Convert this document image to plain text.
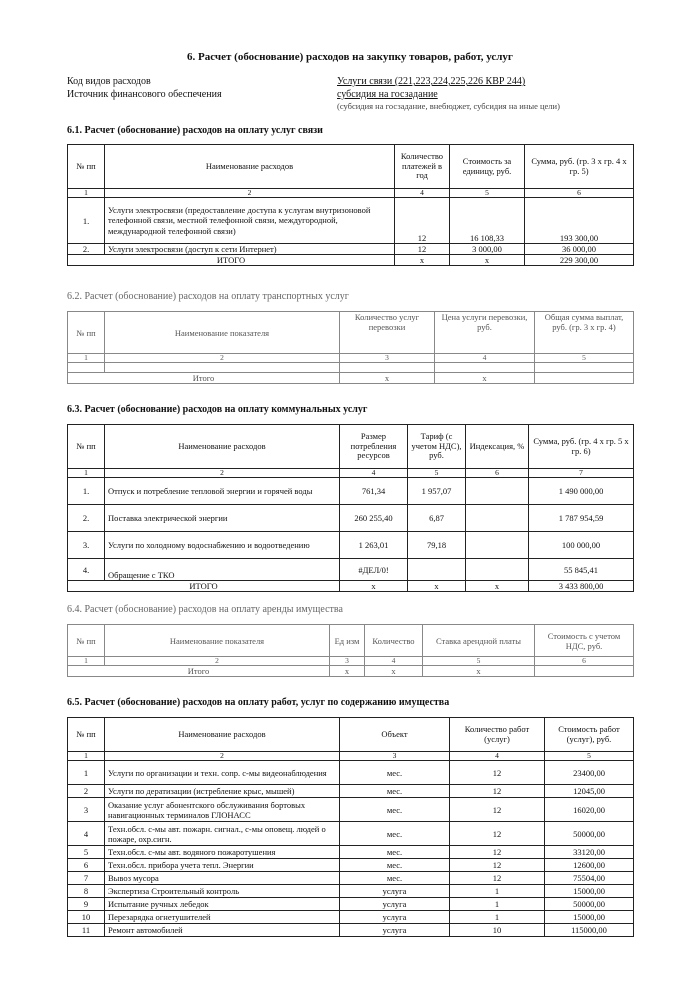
6. Расчет (обоснование) расходов на закупку товаров, работ, услуг
Код видов расходов	Услуги связи (221,223,224,225,226 КВР 244)
Источник финансового обеспечения	субсидия на госзадание
(субсидия на госзадание, внебюджет, субсидия на иные цели)
6.1. Расчет (обоснование) расходов на оплату услуг связи
№ пп	Наименование расходов	Количество платежей в год	Стоимость за единицу, руб.	Сумма, руб. (гр. 3 х гр. 4 х гр. 5)
1	2	4	5	6
1.	Услуги электросвязи (предоставление доступа к услугам внутризоновой телефонной связи, местной телефонной связи, междугородной, международной телефонной связи)	12	16 108,33	193 300,00
2.	Услуги электросвязи (доступ к сети Интернет)	12	3 000,00	36 000,00
ИТОГО		x	x	229 300,00
6.2. Расчет (обоснование) расходов на оплату транспортных услуг
№ пп	Наименование показателя	Количество услуг перевозки	Цена услуги перевозки, руб.	Общая сумма выплат, руб. (гр. 3 х гр. 4)
1	2	3	4	5

Итого		x	x	
6.3. Расчет (обоснование) расходов на оплату коммунальных услуг
№ пп	Наименование расходов	Размер потребления ресурсов	Тариф (с учетом НДС), руб.	Индексация, %	Сумма, руб. (гр. 4 х гр. 5 х гр. 6)
1	2	4	5	6	7
1.	Отпуск и потребление тепловой энергии и горячей воды	761,34	1 957,07		1 490 000,00
2.	Поставка электрической энергии	260 255,40	6,87		1 787 954,59
3.	Услуги по холодному водоснабжению и водоотведению	1 263,01	79,18		100 000,00
4.	Обращение с ТКО	#ДЕЛ/0!			55 845,41
ИТОГО		x	x	x	3 433 800,00
6.4. Расчет (обоснование) расходов на оплату аренды имущества
№ пп	Наименование показателя	Ед изм	Количество	Ставка арендной платы	Стоимость с учетом НДС, руб.
1	2	3	4	5	6
Итого		x	x	x	
6.5. Расчет (обоснование) расходов на оплату работ, услуг по содержанию имущества
№ пп	Наименование расходов	Объект	Количество работ (услуг)	Стоимость работ (услуг), руб.
1	2	3	4	5
1	Услуги по организации и техн. сопр. с-мы видеонаблюдения	мес.	12	23400,00
2	Услуги по дератизации (истребление крыс, мышей)	мес.	12	12045,00
3	Оказание услуг абонентского обслуживания бортовых навигационных терминалов ГЛОНАСС	мес.	12	16020,00
4	Техн.обсл. с-мы авт. пожарн. сигнал., с-мы оповещ. людей о пожаре, охр.сигн.	мес.	12	50000,00
5	Техн.обсл. с-мы авт. водяного пожаротушения	мес.	12	33120,00
6	Техн.обсл. прибора учета тепл. Энергии	мес.	12	12600,00
7	Вывоз мусора	мес.	12	75504,00
8	Экспертиза Строительный контроль	услуга	1	15000,00
9	Испытание ручных лебедок	услуга	1	50000,00
10	Перезарядка огнетушителей	услуга	1	15000,00
11	Ремонт автомобилей	услуга	10	115000,00
